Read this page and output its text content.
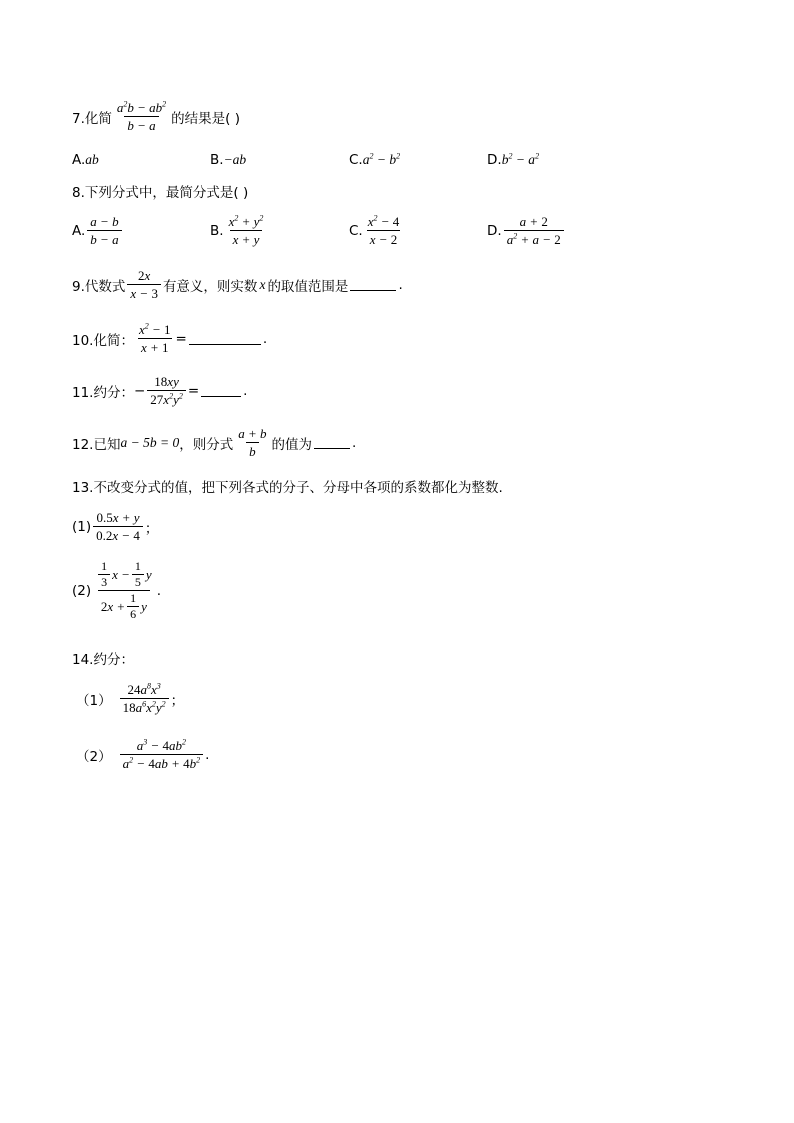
7.化简 $\frac{a^2b - ab^2}{b - a}$ 的结果是( )
A. ab	B. −ab	C. $a^2 - b^2$	D. $b^2 - a^2$
8.下列分式中，最简分式是( )
A. $\frac{a - b}{b - a}$	B. $\frac{x^2 + y^2}{x + y}$	C. $\frac{x^2 - 4}{x - 2}$	D. $\frac{a + 2}{a^2 + a - 2}$
9.代数式 $\frac{2x}{x - 3}$ 有意义，则实数 x 的取值范围是	.
10.化简： $\frac{x^2 - 1}{x + 1}$ =	.
11.约分： − $\frac{18xy}{27x^2y^2}$ =	.
12.已知 a − 5b = 0 ，则分式 $\frac{a + b}{b}$ 的值为	.
13.不改变分式的值，把下列各式的分子、分母中各项的系数都化为整数.
$(1) \frac{0.5x + y}{0.2x - 4}$ ；
$(2) \frac{\frac{1}{3} x - \frac{1}{5} y}{2 x + \frac{1}{6} y}$ .
14.约分：
$(1) \frac{24a^8x^3}{18a^6x^2y^2}$ ；
$(2) \frac{a^3 - 4ab^2}{a^2 - 4ab + 4b^2}$ .
